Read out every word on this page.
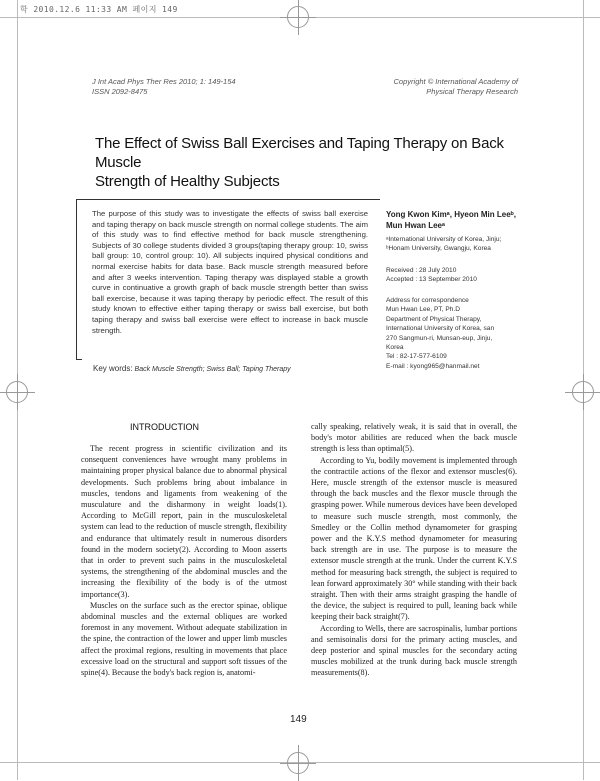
학 2010.12.6 11:33 AM 페이지 149
J Int Acad Phys Ther Res 2010; 1: 149-154
ISSN 2092-8475
Copyright © International Academy of
Physical Therapy Research
The Effect of Swiss Ball Exercises and Taping Therapy on Back Muscle
Strength of Healthy Subjects
The purpose of this study was to investigate the effects of swiss ball exercise and taping therapy on back muscle strength on normal college students. The aim of this study was to find effective method for back muscle strengthening. Subjects of 30 college students divided 3 groups(taping therapy group: 10, swiss ball group: 10, control group: 10). All subjects inquired physical conditions and normal exercise habits for data base. Back muscle strength measured before and after 3 weeks intervention. Taping therapy was displayed stable a growth curve in continuative a growth graph of back muscle strength better than swiss ball exercise, because it was taping therapy by periodic effect. The result of this study known to effective either taping therapy or swiss ball exercise, but both taping therapy and swiss ball exercise were effect to increase in back muscle strength.
Yong Kwon Kimᵃ, Hyeon Min Leeᵇ,
Mun Hwan Leeᵃ
ᵃInternational University of Korea, Jinju;
ᵇHonam University, Gwangju, Korea
Received : 28 July 2010
Accepted : 13 September 2010
Address for correspondence
Mun Hwan Lee, PT, Ph.D
Department of Physical Therapy,
International University of Korea, san
270 Sangmun-ri, Munsan-eup, Jinju,
Korea
Tel : 82-17-577-6109
E-mail : kyong965@hanmail.net
Key words: Back Muscle Strength; Swiss Ball; Taping Therapy
INTRODUCTION

The recent progress in scientific civilization and its consequent conveniences have wrought many problems in maintaining proper physical balance due to abnormal physical developments. Such problems bring about imbalance in muscles, tendons and ligaments from weakening of the musculature and the disharmony in weight loads(1). According to McGill report, pain in the musculoskeletal system can lead to the reduction of muscle strength, flexibility and endurance that ultimately result in numerous disorders found in the modern society(2). According to Moon asserts that in order to prevent such pains in the musculoskeletal systems, the strengthening of the abdominal muscles and the increasing the flexibility of the body is of the utmost importance(3).

Muscles on the surface such as the erector spinae, oblique abdominal muscles and the external obliques are worked foremost in any movement. Without adequate stabilization in the spine, the contraction of the lower and upper limb muscles affect the proximal regions, resulting in movements that place excessive load on the structural and support soft tissues of the spine(4). Because the body's back region is, anatomi-

cally speaking, relatively weak, it is said that in overall, the body's motor abilities are reduced when the back muscle strength is less than optimal(5).

According to Yu, bodily movement is implemented through the contractile actions of the flexor and extensor muscles(6). Here, muscle strength of the extensor muscle is measured through the back muscles and the flexor muscle through the grasping power. While numerous devices have been developed to measure such muscle strength, most commonly, the Smedley or the Collin method dynamometer for grasping power and the K.Y.S method dynamometer for measuring back strength are in use. The purpose is to measure the extensor muscle strength at the trunk. Under the current K.Y.S method for measuring back strength, the subject is required to lean forward approximately 30° while standing with their back straight. Then with their arms straight grasping the handle of the device, the subject is required to pull, leaning back while keeping their back straight(7).

According to Wells, there are sacrospinalis, lumbar portions and semisoinalis dorsi for the primary acting muscles, and deep posterior and spinal muscles for the secondary acting muscles mobilized at the trunk during back muscle strength measurements(8).

149
